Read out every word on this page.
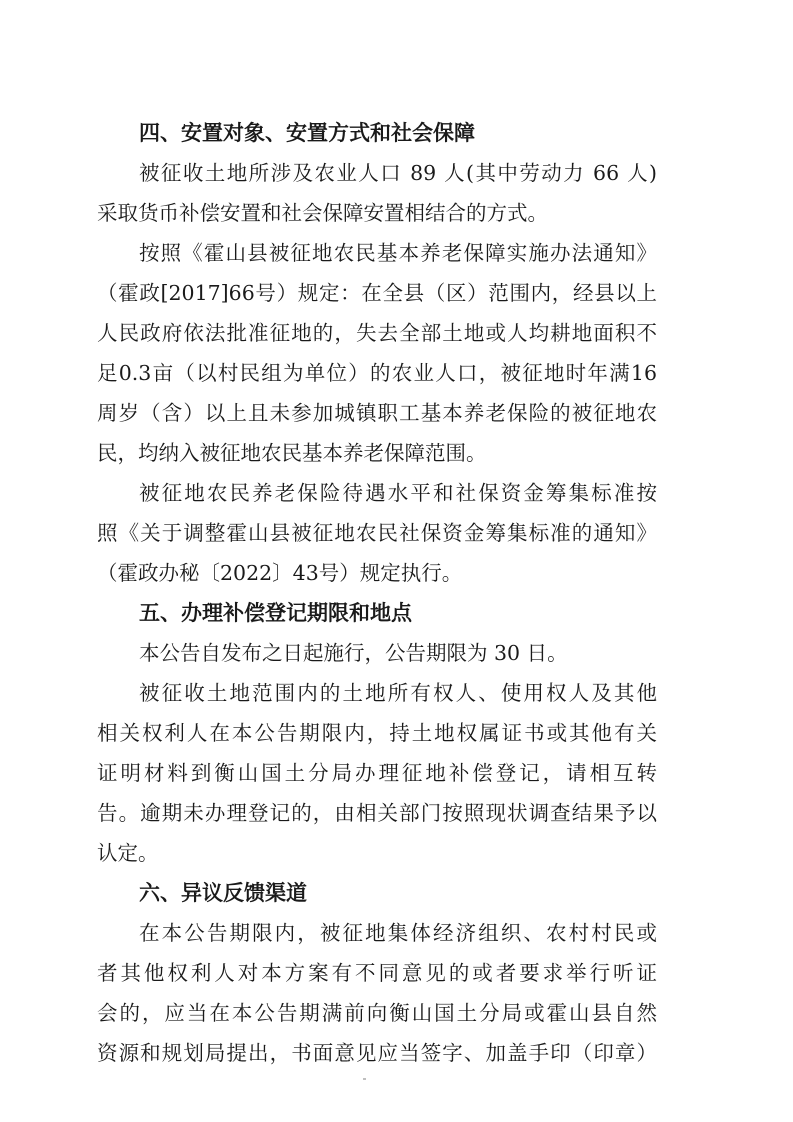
四、安置对象、安置方式和社会保障
被征收土地所涉及农业人口 89 人(其中劳动力 66 人)
采取货币补偿安置和社会保障安置相结合的方式。
按照《霍山县被征地农民基本养老保障实施办法通知》
（霍政[2017]66号）规定：在全县（区）范围内，经县以上
人民政府依法批准征地的，失去全部土地或人均耕地面积不
足0.3亩（以村民组为单位）的农业人口，被征地时年满16
周岁（含）以上且未参加城镇职工基本养老保险的被征地农
民，均纳入被征地农民基本养老保障范围。
被征地农民养老保险待遇水平和社保资金筹集标准按
照《关于调整霍山县被征地农民社保资金筹集标准的通知》
（霍政办秘〔2022〕43号）规定执行。
五、办理补偿登记期限和地点
本公告自发布之日起施行，公告期限为 30 日。
被征收土地范围内的土地所有权人、使用权人及其他
相关权利人在本公告期限内，持土地权属证书或其他有关
证明材料到衡山国土分局办理征地补偿登记，请相互转
告。逾期未办理登记的，由相关部门按照现状调查结果予以
认定。
六、异议反馈渠道
在本公告期限内，被征地集体经济组织、农村村民或
者其他权利人对本方案有不同意见的或者要求举行听证
会的，应当在本公告期满前向衡山国土分局或霍山县自然
资源和规划局提出，书面意见应当签字、加盖手印（印章）
